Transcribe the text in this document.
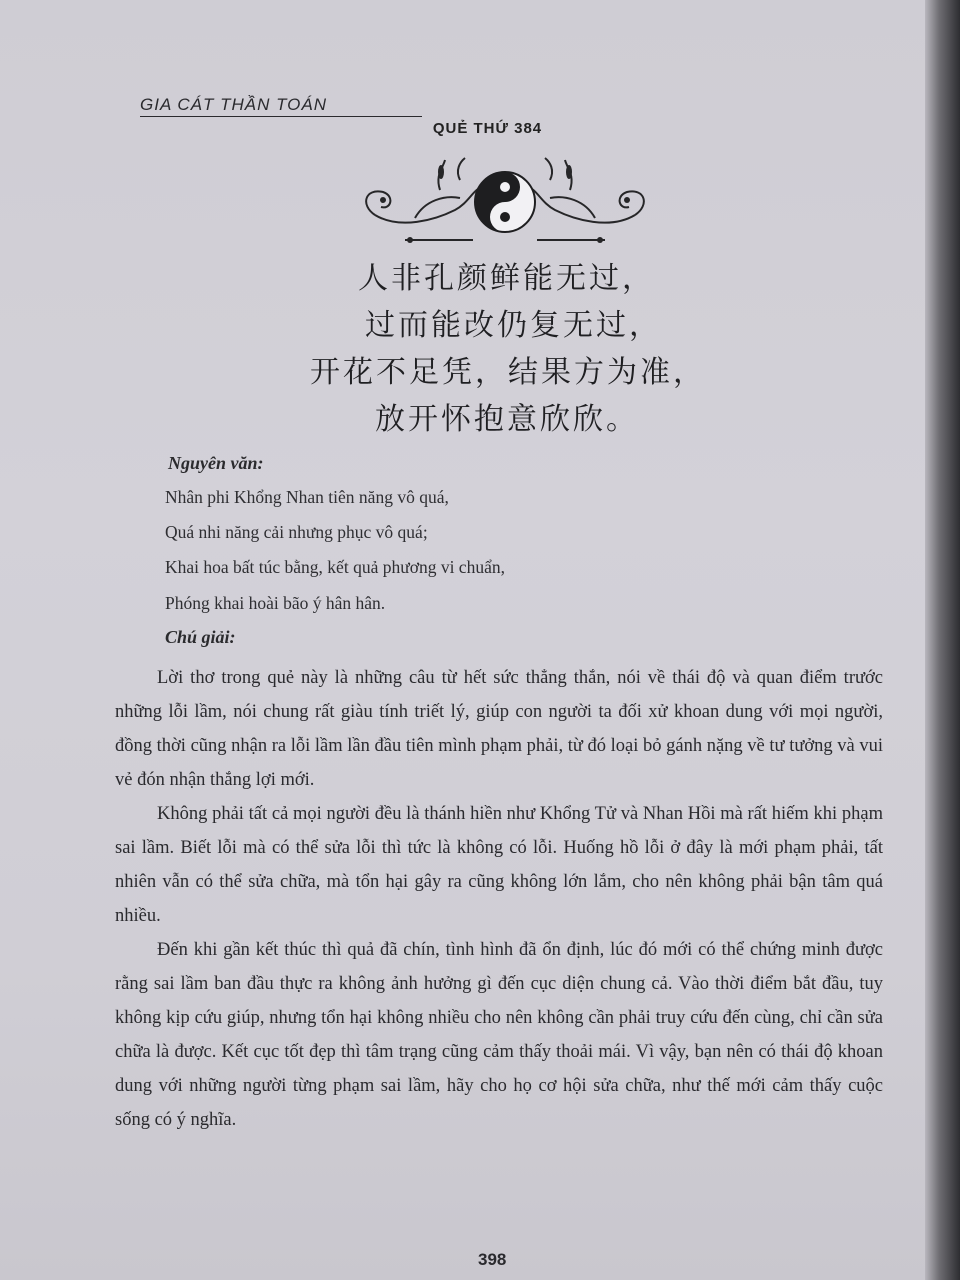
GIA CÁT THẦN TOÁN
QUẺ THỨ 384
人非孔颜鲜能无过，
过而能改仍复无过，
开花不足凭，结果方为准，
放开怀抱意欣欣。
Nguyên văn:
Nhân phi Khổng Nhan tiên năng vô quá,
Quá nhi năng cải nhưng phục vô quá;
Khai hoa bất túc bằng, kết quả phương vi chuẩn,
Phóng khai hoài bão ý hân hân.
Chú giải:

Lời thơ trong quẻ này là những câu từ hết sức thẳng thắn, nói về thái độ và quan điểm trước những lỗi lầm, nói chung rất giàu tính triết lý, giúp con người ta đối xử khoan dung với mọi người, đồng thời cũng nhận ra lỗi lầm lần đầu tiên mình phạm phải, từ đó loại bỏ gánh nặng về tư tưởng và vui vẻ đón nhận thắng lợi mới.

Không phải tất cả mọi người đều là thánh hiền như Khổng Tử và Nhan Hồi mà rất hiếm khi phạm sai lầm. Biết lỗi mà có thể sửa lỗi thì tức là không có lỗi. Huống hồ lỗi ở đây là mới phạm phải, tất nhiên vẫn có thể sửa chữa, mà tổn hại gây ra cũng không lớn lắm, cho nên không phải bận tâm quá nhiều.

Đến khi gần kết thúc thì quả đã chín, tình hình đã ổn định, lúc đó mới có thể chứng minh được rằng sai lầm ban đầu thực ra không ảnh hưởng gì đến cục diện chung cả. Vào thời điểm bắt đầu, tuy không kịp cứu giúp, nhưng tổn hại không nhiều cho nên không cần phải truy cứu đến cùng, chỉ cần sửa chữa là được. Kết cục tốt đẹp thì tâm trạng cũng cảm thấy thoải mái. Vì vậy, bạn nên có thái độ khoan dung với những người từng phạm sai lầm, hãy cho họ cơ hội sửa chữa, như thế mới cảm thấy cuộc sống có ý nghĩa.

398
